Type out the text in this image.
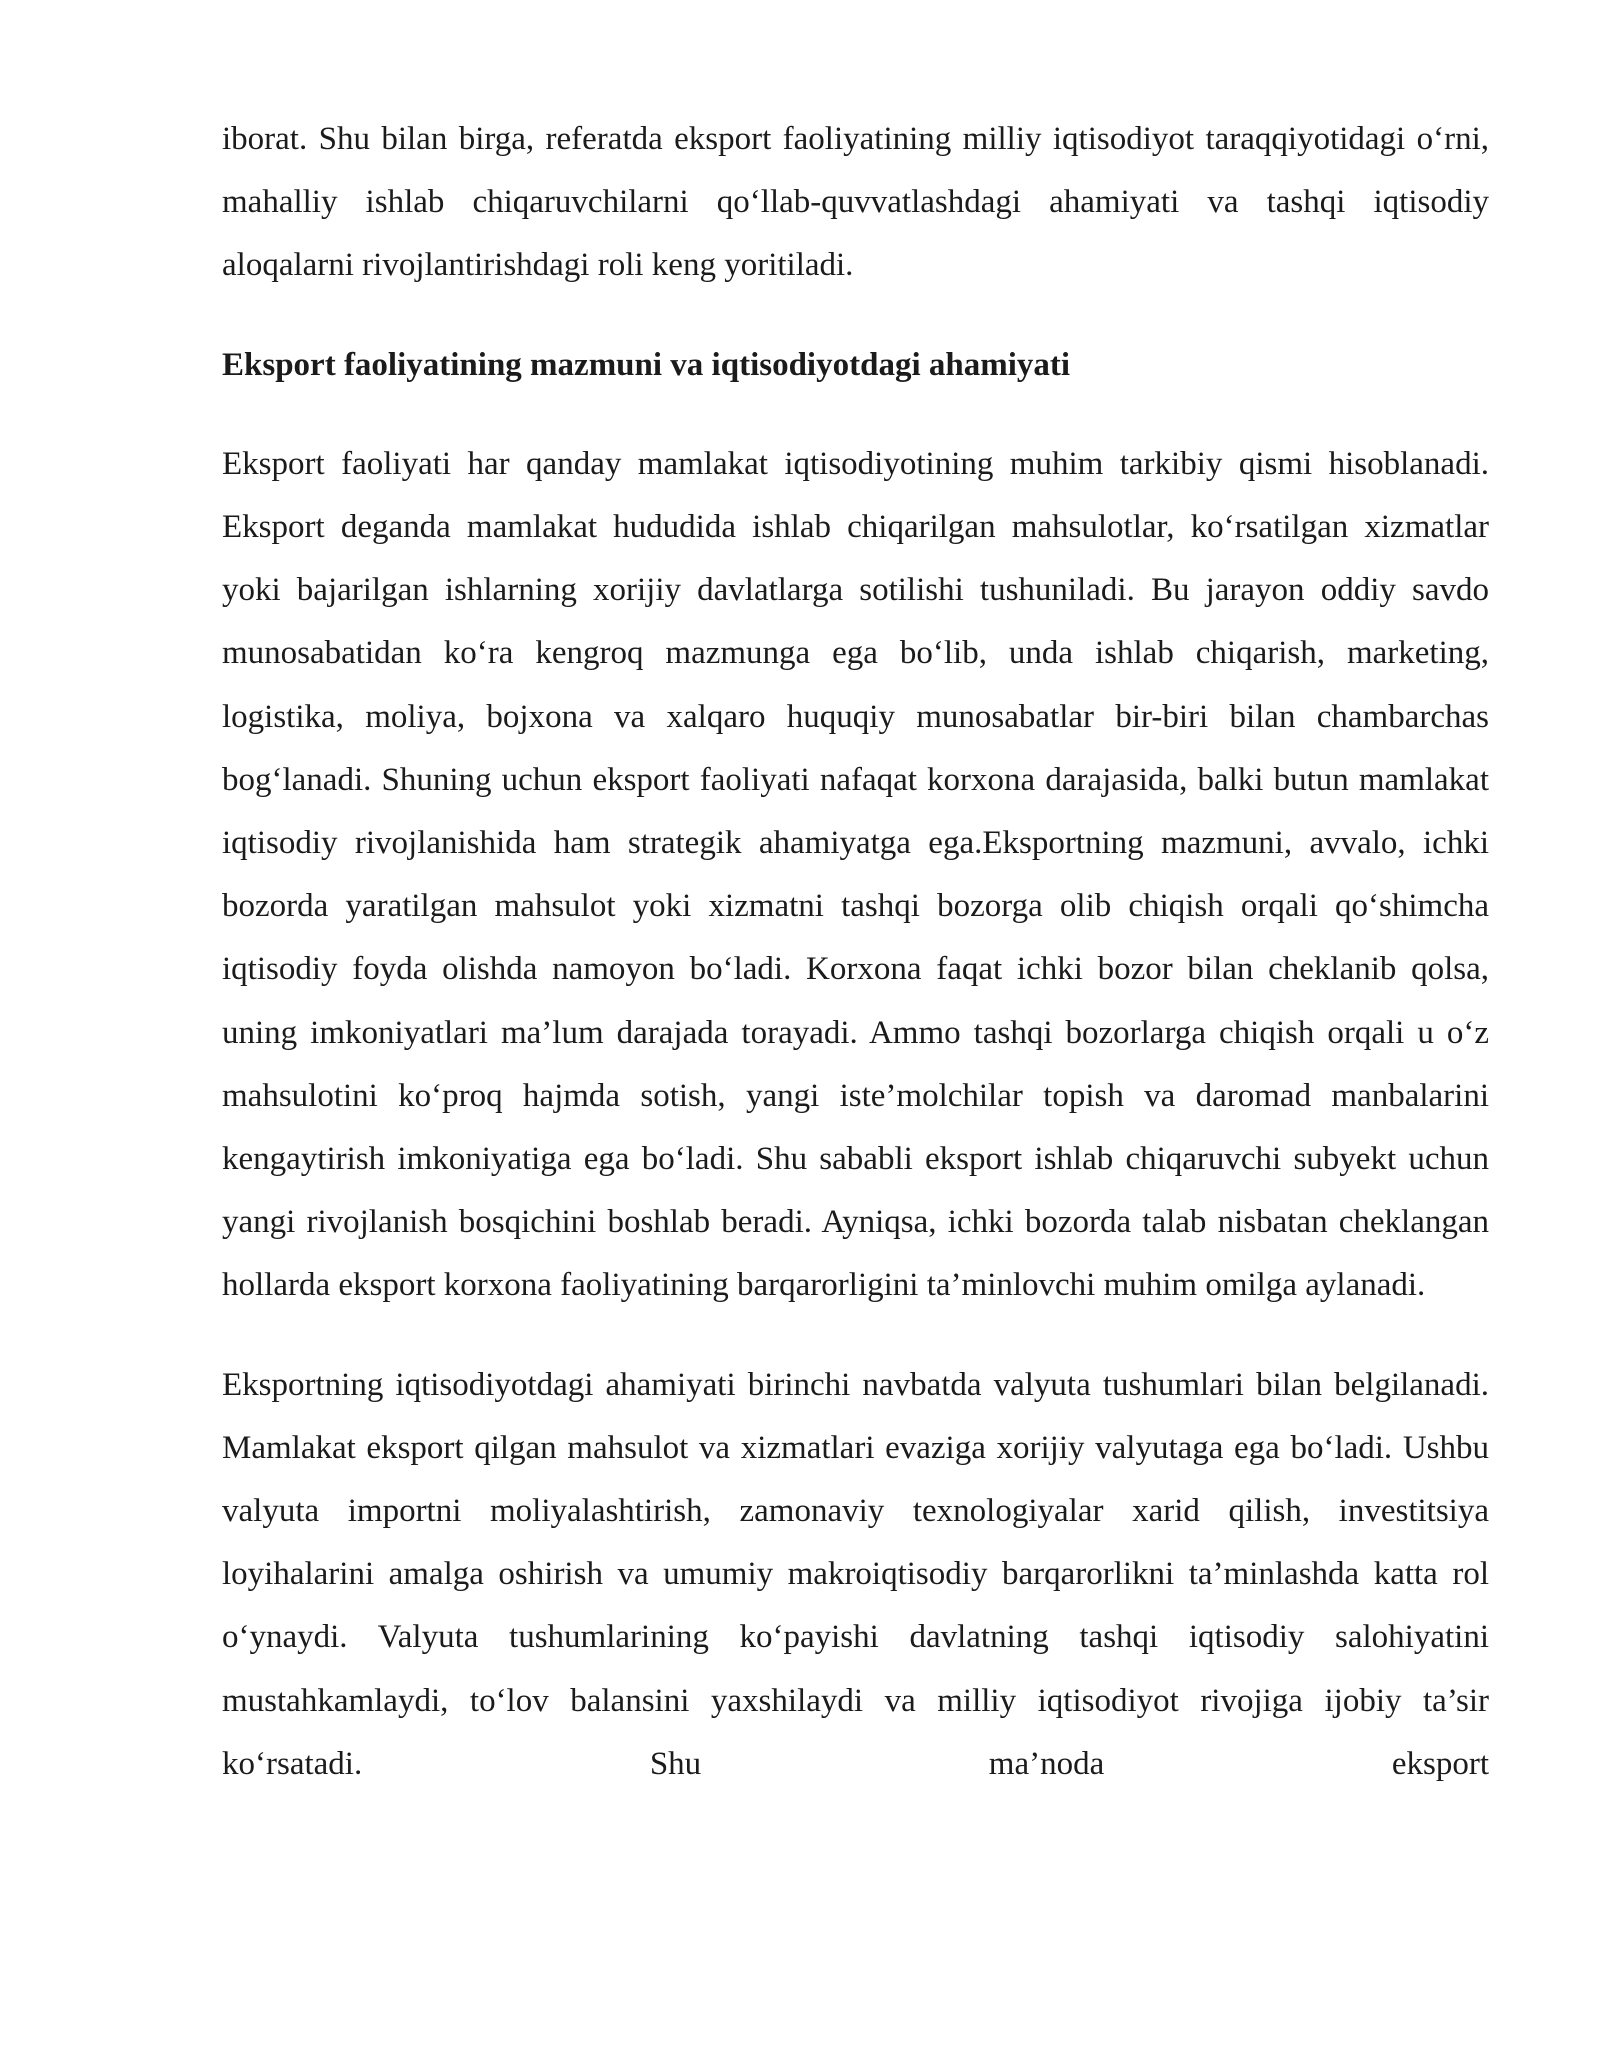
iborat. Shu bilan birga, referatda eksport faoliyatining milliy iqtisodiyot taraqqiyotidagi o‘rni, mahalliy ishlab chiqaruvchilarni qo‘llab-quvvatlashdagi ahamiyati va tashqi iqtisodiy aloqalarni rivojlantirishdagi roli keng yoritiladi.

Eksport faoliyatining mazmuni va iqtisodiyotdagi ahamiyati

Eksport faoliyati har qanday mamlakat iqtisodiyotining muhim tarkibiy qismi hisoblanadi. Eksport deganda mamlakat hududida ishlab chiqarilgan mahsulotlar, ko‘rsatilgan xizmatlar yoki bajarilgan ishlarning xorijiy davlatlarga sotilishi tushuniladi. Bu jarayon oddiy savdo munosabatidan ko‘ra kengroq mazmunga ega bo‘lib, unda ishlab chiqarish, marketing, logistika, moliya, bojxona va xalqaro huquqiy munosabatlar bir-biri bilan chambarchas bog‘lanadi. Shuning uchun eksport faoliyati nafaqat korxona darajasida, balki butun mamlakat iqtisodiy rivojlanishida ham strategik ahamiyatga ega.Eksportning mazmuni, avvalo, ichki bozorda yaratilgan mahsulot yoki xizmatni tashqi bozorga olib chiqish orqali qo‘shimcha iqtisodiy foyda olishda namoyon bo‘ladi. Korxona faqat ichki bozor bilan cheklanib qolsa, uning imkoniyatlari ma’lum darajada torayadi. Ammo tashqi bozorlarga chiqish orqali u o‘z mahsulotini ko‘proq hajmda sotish, yangi iste’molchilar topish va daromad manbalarini kengaytirish imkoniyatiga ega bo‘ladi. Shu sababli eksport ishlab chiqaruvchi subyekt uchun yangi rivojlanish bosqichini boshlab beradi. Ayniqsa, ichki bozorda talab nisbatan cheklangan hollarda eksport korxona faoliyatining barqarorligini ta’minlovchi muhim omilga aylanadi.

Eksportning iqtisodiyotdagi ahamiyati birinchi navbatda valyuta tushumlari bilan belgilanadi. Mamlakat eksport qilgan mahsulot va xizmatlari evaziga xorijiy valyutaga ega bo‘ladi. Ushbu valyuta importni moliyalashtirish, zamonaviy texnologiyalar xarid qilish, investitsiya loyihalarini amalga oshirish va umumiy makroiqtisodiy barqarorlikni ta’minlashda katta rol o‘ynaydi. Valyuta tushumlarining ko‘payishi davlatning tashqi iqtisodiy salohiyatini mustahkamlaydi, to‘lov balansini yaxshilaydi va milliy iqtisodiyot rivojiga ijobiy ta’sir ko‘rsatadi. Shu ma’noda eksport
